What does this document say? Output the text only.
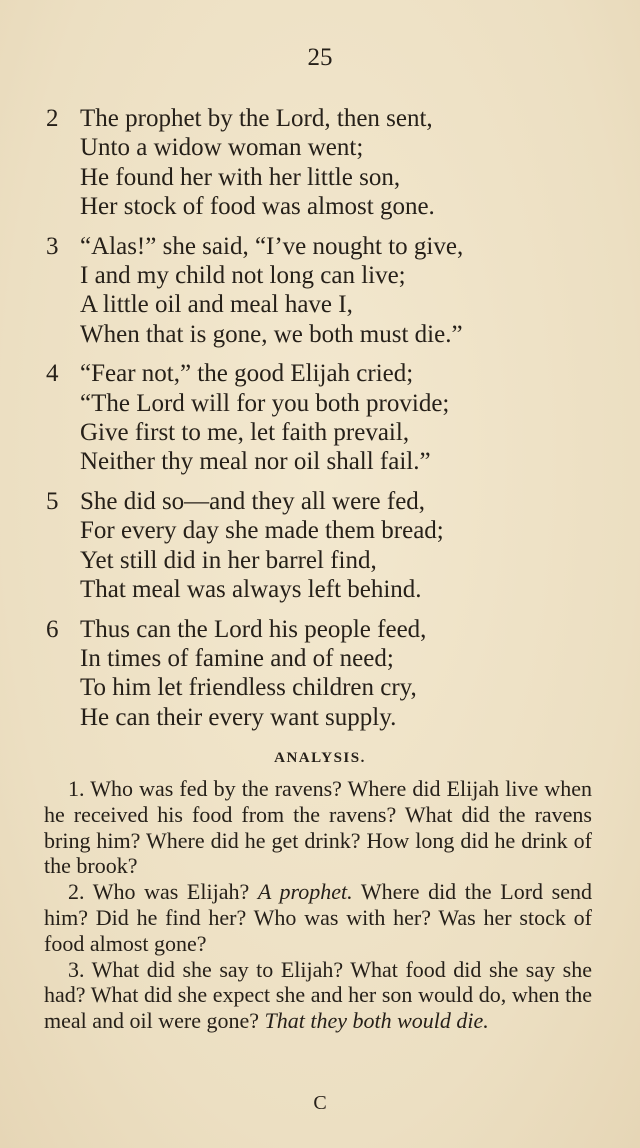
25
2 The prophet by the Lord, then sent,
Unto a widow woman went;
He found her with her little son,
Her stock of food was almost gone.
3 “Alas!” she said, “I’ve nought to give,
I and my child not long can live;
A little oil and meal have I,
When that is gone, we both must die.”
4 “Fear not,” the good Elijah cried;
“The Lord will for you both provide;
Give first to me, let faith prevail,
Neither thy meal nor oil shall fail.”
5 She did so—and they all were fed,
For every day she made them bread;
Yet still did in her barrel find,
That meal was always left behind.
6 Thus can the Lord his people feed,
In times of famine and of need;
To him let friendless children cry,
He can their every want supply.
ANALYSIS.
1. Who was fed by the ravens? Where did Elijah live when he received his food from the ravens? What did the ravens bring him? Where did he get drink? How long did he drink of the brook?
2. Who was Elijah? A prophet. Where did the Lord send him? Did he find her? Who was with her? Was her stock of food almost gone?
3. What did she say to Elijah? What food did she say she had? What did she expect she and her son would do, when the meal and oil were gone? That they both would die.
C
